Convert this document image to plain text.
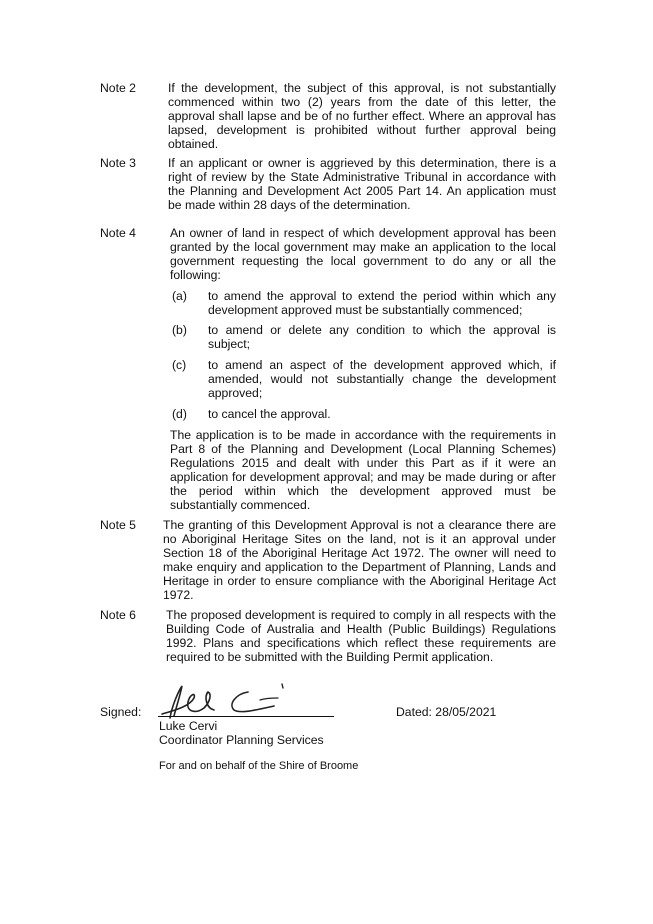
Note 2	If the development, the subject of this approval, is not substantially commenced within two (2) years from the date of this letter, the approval shall lapse and be of no further effect. Where an approval has lapsed, development is prohibited without further approval being obtained.
Note 3	If an applicant or owner is aggrieved by this determination, there is a right of review by the State Administrative Tribunal in accordance with the Planning and Development Act 2005 Part 14. An application must be made within 28 days of the determination.
Note 4	An owner of land in respect of which development approval has been granted by the local government may make an application to the local government requesting the local government to do any or all the following:
(a) to amend the approval to extend the period within which any development approved must be substantially commenced;
(b) to amend or delete any condition to which the approval is subject;
(c) to amend an aspect of the development approved which, if amended, would not substantially change the development approved;
(d) to cancel the approval.
The application is to be made in accordance with the requirements in Part 8 of the Planning and Development (Local Planning Schemes) Regulations 2015 and dealt with under this Part as if it were an application for development approval; and may be made during or after the period within which the development approved must be substantially commenced.
Note 5 The granting of this Development Approval is not a clearance there are no Aboriginal Heritage Sites on the land, not is it an approval under Section 18 of the Aboriginal Heritage Act 1972. The owner will need to make enquiry and application to the Department of Planning, Lands and Heritage in order to ensure compliance with the Aboriginal Heritage Act 1972.
Note 6 The proposed development is required to comply in all respects with the Building Code of Australia and Health (Public Buildings) Regulations 1992. Plans and specifications which reflect these requirements are required to be submitted with the Building Permit application.
Signed:	Dated: 28/05/2021
Luke Cervi
Coordinator Planning Services
For and on behalf of the Shire of Broome
